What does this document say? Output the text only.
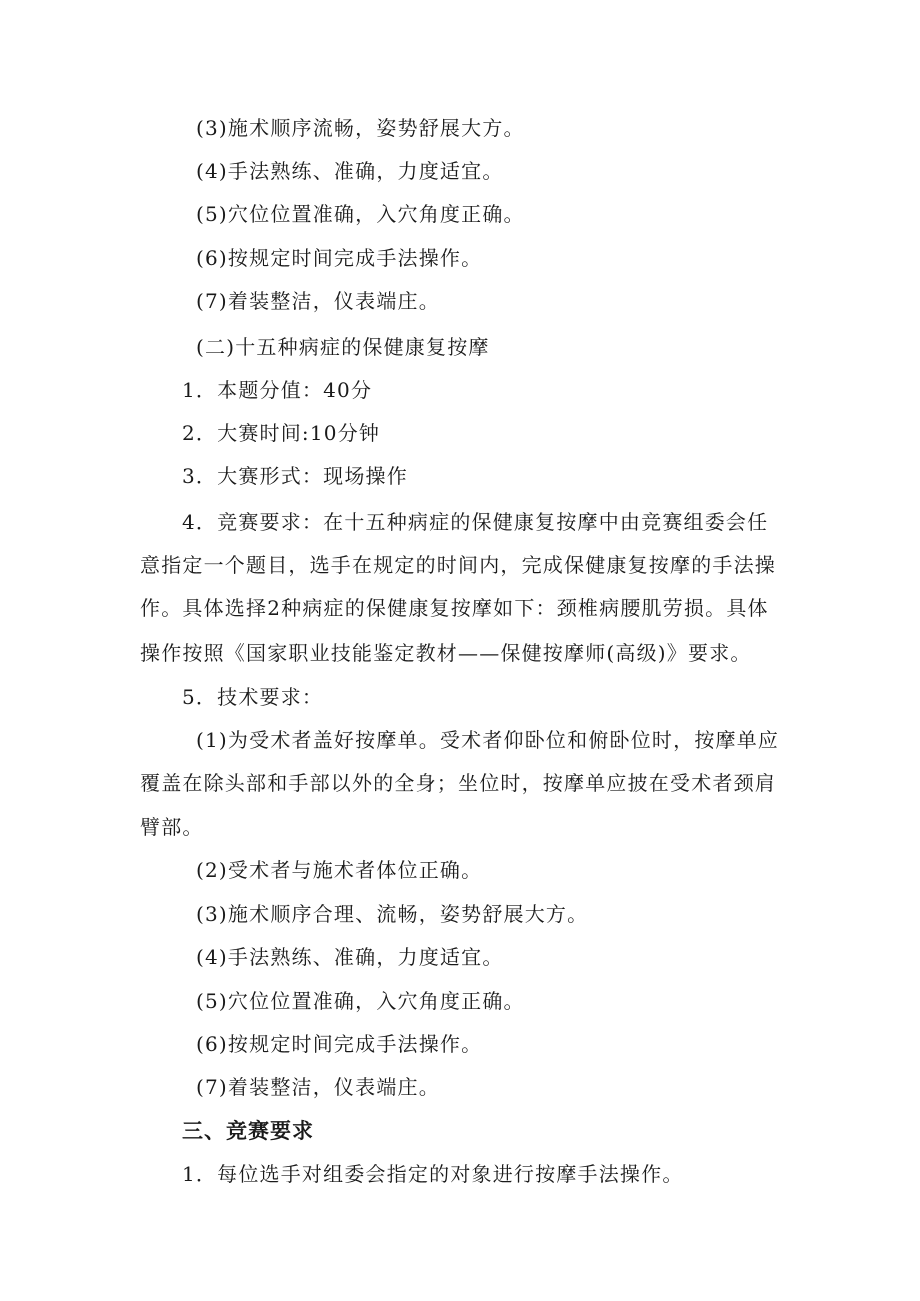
(3)施术顺序流畅，姿势舒展大方。
(4)手法熟练、准确，力度适宜。
(5)穴位位置准确，入穴角度正确。
(6)按规定时间完成手法操作。
(7)着装整洁，仪表端庄。
(二)十五种病症的保健康复按摩
1．本题分值：40分
2．大赛时间:10分钟
3．大赛形式：现场操作
4．竞赛要求：在十五种病症的保健康复按摩中由竞赛组委会任
意指定一个题目，选手在规定的时间内，完成保健康复按摩的手法操
作。具体选择2种病症的保健康复按摩如下：颈椎病腰肌劳损。具体
操作按照《国家职业技能鉴定教材——保健按摩师(高级)》要求。
5．技术要求：
(1)为受术者盖好按摩单。受术者仰卧位和俯卧位时，按摩单应
覆盖在除头部和手部以外的全身；坐位时，按摩单应披在受术者颈肩
臂部。
(2)受术者与施术者体位正确。
(3)施术顺序合理、流畅，姿势舒展大方。
(4)手法熟练、准确，力度适宜。
(5)穴位位置准确，入穴角度正确。
(6)按规定时间完成手法操作。
(7)着装整洁，仪表端庄。
三、竞赛要求
1．每位选手对组委会指定的对象进行按摩手法操作。
